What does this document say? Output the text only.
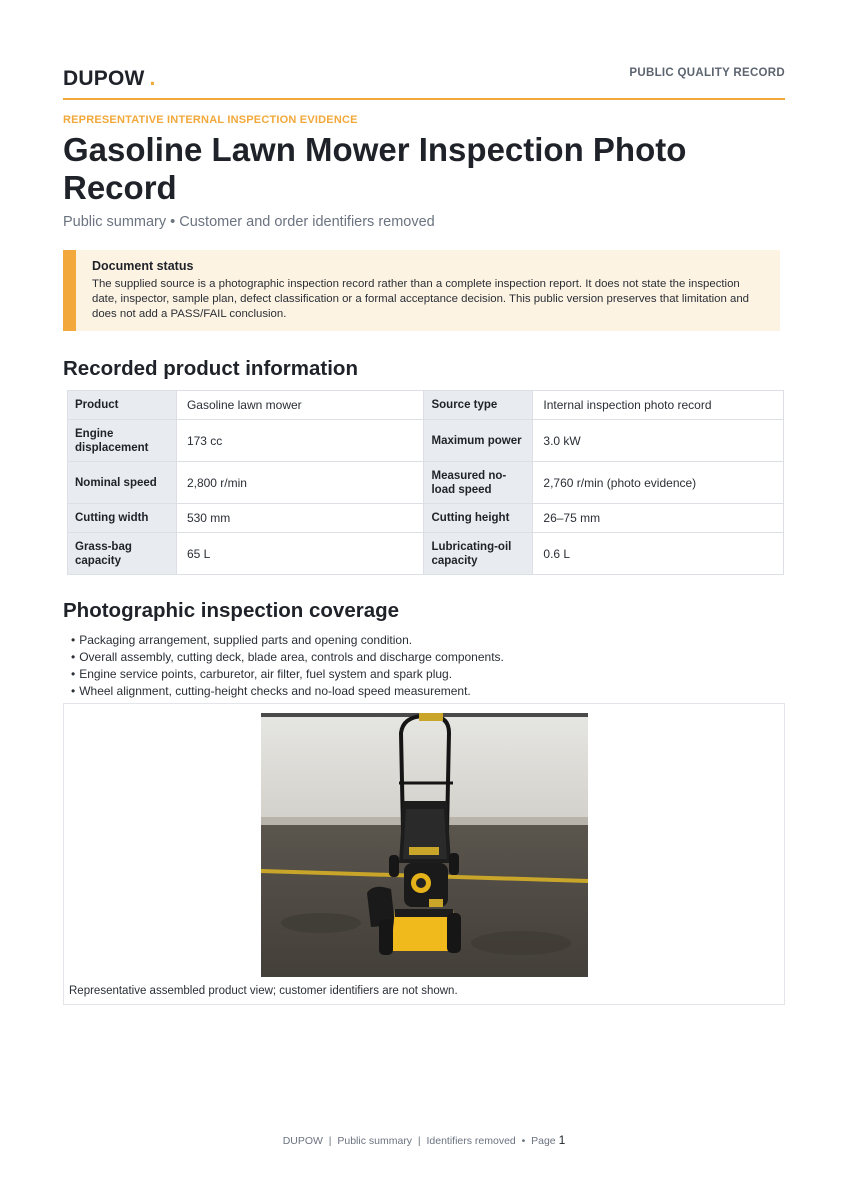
DUPOW .	PUBLIC QUALITY RECORD
REPRESENTATIVE INTERNAL INSPECTION EVIDENCE
Gasoline Lawn Mower Inspection Photo Record
Public summary • Customer and order identifiers removed
Document status
The supplied source is a photographic inspection record rather than a complete inspection report. It does not state the inspection date, inspector, sample plan, defect classification or a formal acceptance decision. This public version preserves that limitation and does not add a PASS/FAIL conclusion.
Recorded product information
Product	Gasoline lawn mower	Source type	Internal inspection photo record
Engine displacement	173 cc	Maximum power	3.0 kW
Nominal speed	2,800 r/min	Measured no-load speed	2,760 r/min (photo evidence)
Cutting width	530 mm	Cutting height	26–75 mm
Grass-bag capacity	65 L	Lubricating-oil capacity	0.6 L
Photographic inspection coverage
• Packaging arrangement, supplied parts and opening condition.
• Overall assembly, cutting deck, blade area, controls and discharge components.
• Engine service points, carburetor, air filter, fuel system and spark plug.
• Wheel alignment, cutting-height checks and no-load speed measurement.
Representative assembled product view; customer identifiers are not shown.
DUPOW  |  Public summary  |  Identifiers removed  •  Page 1
